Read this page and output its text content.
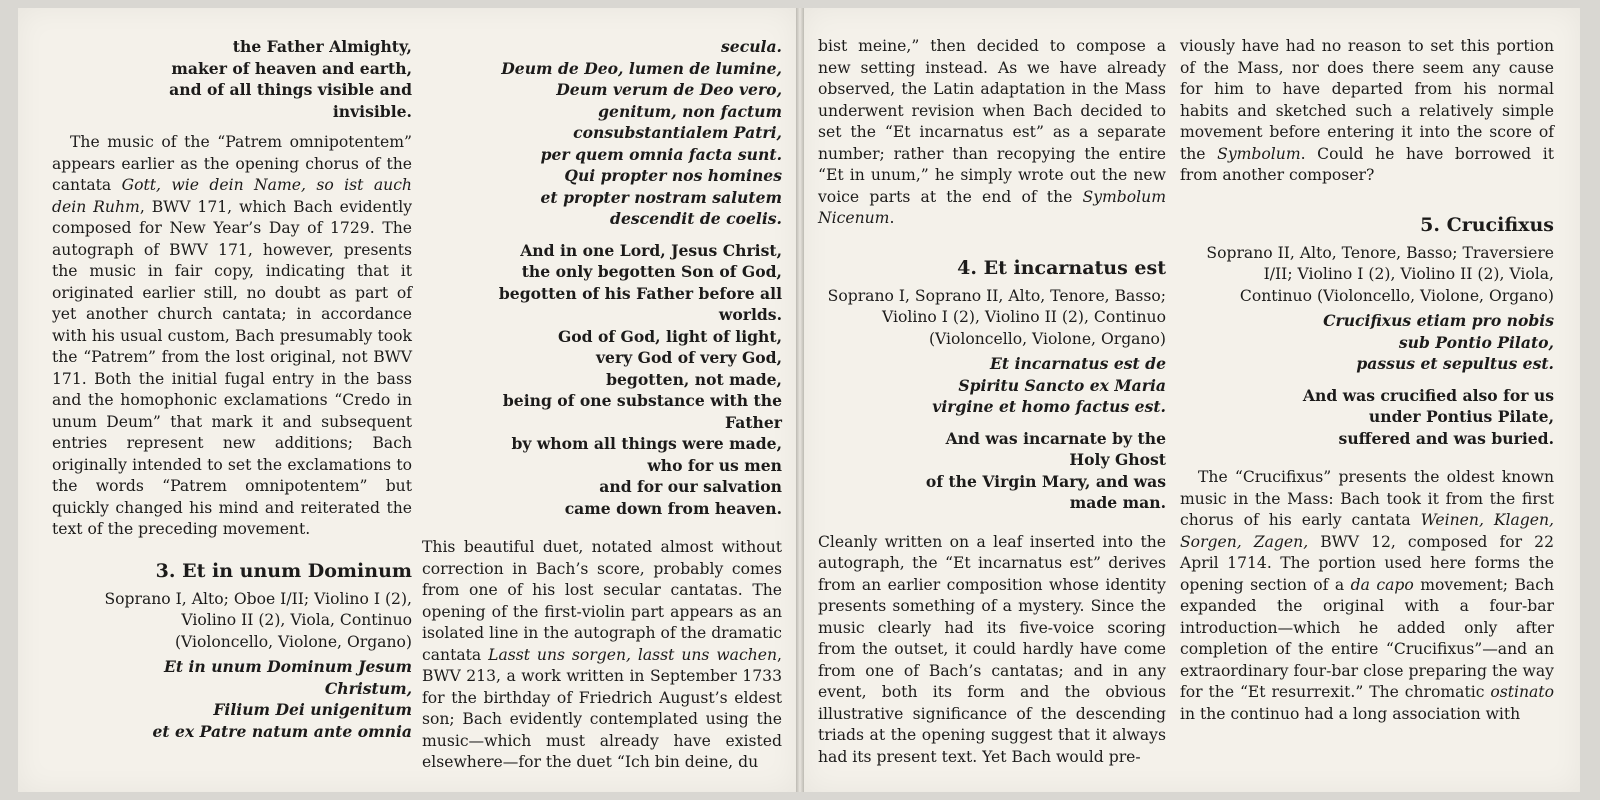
the Father Almighty,

maker of heaven and earth,

and of all things visible and

invisible.

The music of the “Patrem omnipotentem” appears earlier as the opening chorus of the cantata Gott, wie dein Name, so ist auch dein Ruhm, BWV 171, which Bach evidently composed for New Year’s Day of 1729. The autograph of BWV 171, however, presents the music in fair copy, indicating that it originated earlier still, no doubt as part of yet another church cantata; in accordance with his usual custom, Bach presumably took the “Patrem” from the lost original, not BWV 171. Both the initial fugal entry in the bass and the homophonic exclamations “Credo in unum Deum” that mark it and subsequent entries represent new additions; Bach originally intended to set the exclamations to the words “Patrem omnipotentem” but quickly changed his mind and reiterated the text of the preceding movement.

3. Et in unum Dominum

Soprano I, Alto; Oboe I/II; Violino I (2),

Violino II (2), Viola, Continuo

(Violoncello, Violone, Organo)

Et in unum Dominum Jesum

Christum,

Filium Dei unigenitum

et ex Patre natum ante omnia

secula.

Deum de Deo, lumen de lumine,

Deum verum de Deo vero,

genitum, non factum

consubstantialem Patri,

per quem omnia facta sunt.

Qui propter nos homines

et propter nostram salutem

descendit de coelis.

And in one Lord, Jesus Christ,

the only begotten Son of God,

begotten of his Father before all

worlds.

God of God, light of light,

very God of very God,

begotten, not made,

being of one substance with the

Father

by whom all things were made,

who for us men

and for our salvation

came down from heaven.

This beautiful duet, notated almost without correction in Bach’s score, probably comes from one of his lost secular cantatas. The opening of the first-violin part appears as an isolated line in the autograph of the dramatic cantata Lasst uns sorgen, lasst uns wachen, BWV 213, a work written in September 1733 for the birthday of Friedrich August’s eldest son; Bach evidently contemplated using the music—which must already have existed elsewhere—for the duet “Ich bin deine, du

bist meine,” then decided to compose a new setting instead. As we have already observed, the Latin adaptation in the Mass underwent revision when Bach decided to set the “Et incarnatus est” as a separate number; rather than recopying the entire “Et in unum,” he simply wrote out the new voice parts at the end of the Symbolum Nicenum.

4. Et incarnatus est

Soprano I, Soprano II, Alto, Tenore, Basso;

Violino I (2), Violino II (2), Continuo

(Violoncello, Violone, Organo)

Et incarnatus est de

Spiritu Sancto ex Maria

virgine et homo factus est.

And was incarnate by the

Holy Ghost

of the Virgin Mary, and was

made man.

Cleanly written on a leaf inserted into the autograph, the “Et incarnatus est” derives from an earlier composition whose identity presents something of a mystery. Since the music clearly had its five-voice scoring from the outset, it could hardly have come from one of Bach’s cantatas; and in any event, both its form and the obvious illustrative significance of the descending triads at the opening suggest that it always had its present text. Yet Bach would pre-

viously have had no reason to set this portion of the Mass, nor does there seem any cause for him to have departed from his normal habits and sketched such a relatively simple movement before entering it into the score of the Symbolum. Could he have borrowed it from another composer?

5. Crucifixus

Soprano II, Alto, Tenore, Basso; Traversiere

I/II; Violino I (2), Violino II (2), Viola,

Continuo (Violoncello, Violone, Organo)

Crucifixus etiam pro nobis

sub Pontio Pilato,

passus et sepultus est.

And was crucified also for us

under Pontius Pilate,

suffered and was buried.

The “Crucifixus” presents the oldest known music in the Mass: Bach took it from the first chorus of his early cantata Weinen, Klagen, Sorgen, Zagen, BWV 12, composed for 22 April 1714. The portion used here forms the opening section of a da capo movement; Bach expanded the original with a four-bar introduction—which he added only after completion of the entire “Crucifixus”—and an extraordinary four-bar close preparing the way for the “Et resurrexit.” The chromatic ostinato in the continuo had a long association with
